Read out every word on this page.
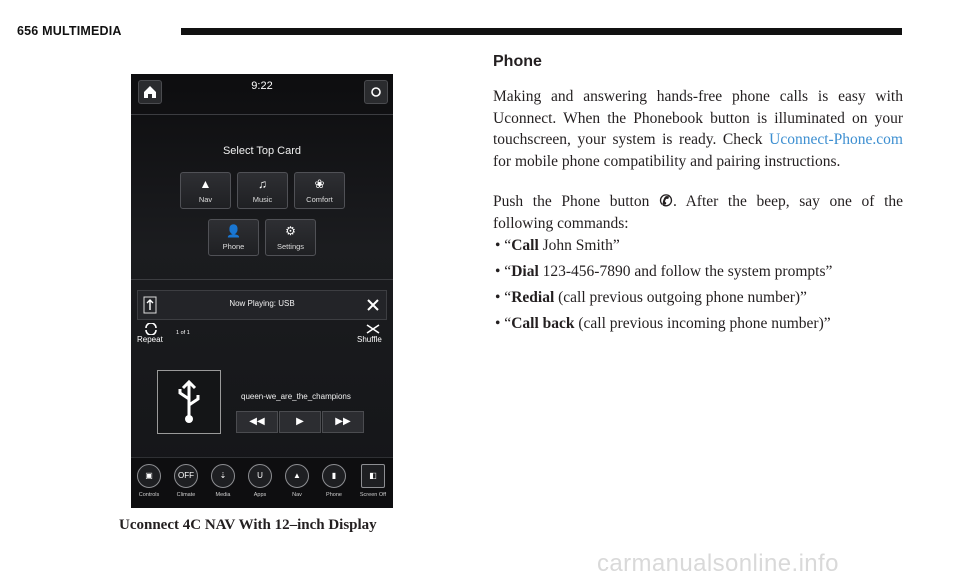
656 MULTIMEDIA
9:22
Select Top Card
▲
Nav
♫
Music
❀
Comfort
👤
Phone
⚙
Settings
Now Playing: USB
Repeat
1 of 1
Shuffle
queen-we_are_the_champions
◀◀	▶	▶▶
▣
Controls
OFF
Climate
⇣
Media
U
Apps
▲
Nav
▮
Phone
◧
Screen Off
Uconnect 4C NAV With 12–inch Display
Phone
Making and answering hands-free phone calls is easy with Uconnect. When the Phonebook button is illuminated on your touchscreen, your system is ready. Check Uconnect-Phone.com for mobile phone compatibility and pairing instructions.
Push the Phone button ✆. After the beep, say one of the following commands:
• “Call John Smith”
• “Dial 123-456-7890 and follow the system prompts”
• “Redial (call previous outgoing phone number)”
• “Call back (call previous incoming phone number)”
carmanualsonline.info
